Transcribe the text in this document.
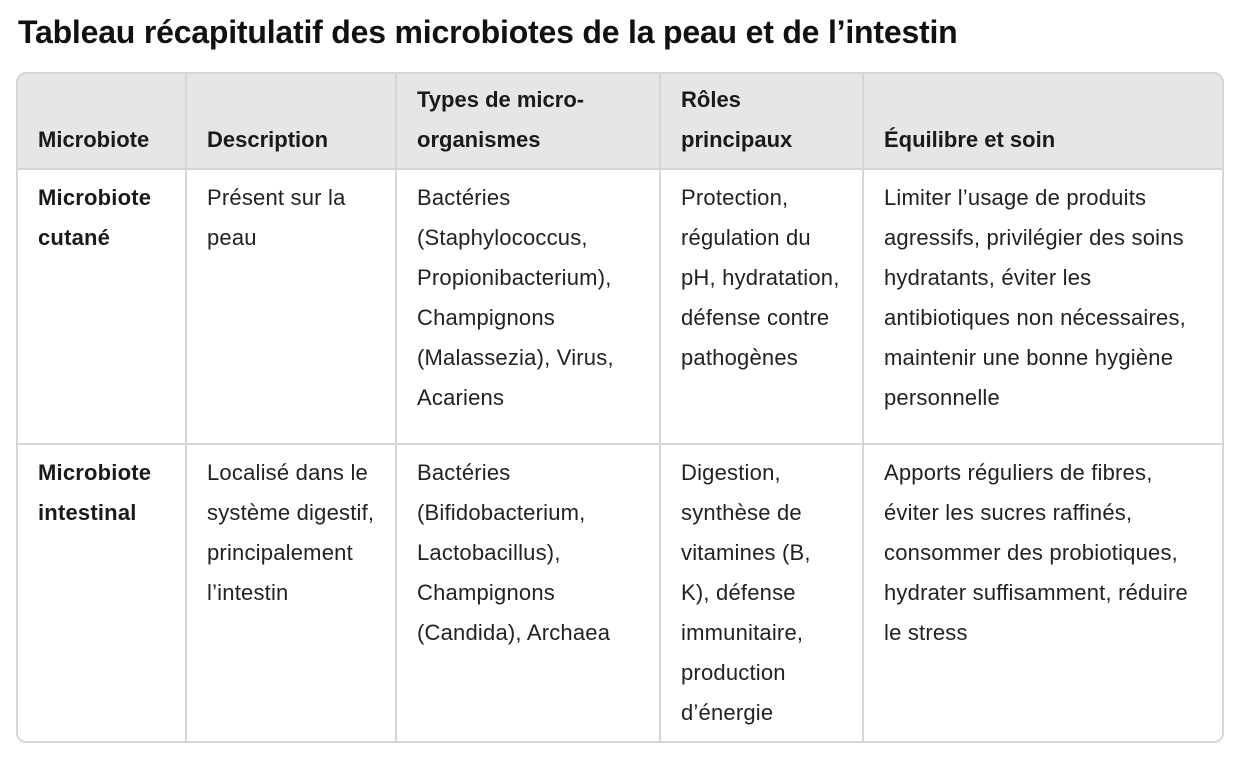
Tableau récapitulatif des microbiotes de la peau et de l’intestin
Microbiote	Description	Types de micro-organismes	Rôles principaux	Équilibre et soin
Microbiote cutané	Présent sur la peau	Bactéries (Staphylococcus, Propionibacterium), Champignons (Malassezia), Virus, Acariens	Protection, régulation du pH, hydratation, défense contre pathogènes	Limiter l’usage de produits agressifs, privilégier des soins hydratants, éviter les antibiotiques non nécessaires, maintenir une bonne hygiène personnelle
Microbiote intestinal	Localisé dans le système digestif, principalement l’intestin	Bactéries (Bifidobacterium, Lactobacillus), Champignons (Candida), Archaea	Digestion, synthèse de vitamines (B, K), défense immunitaire, production d’énergie	Apports réguliers de fibres, éviter les sucres raffinés, consommer des probiotiques, hydrater suffisamment, réduire le stress
